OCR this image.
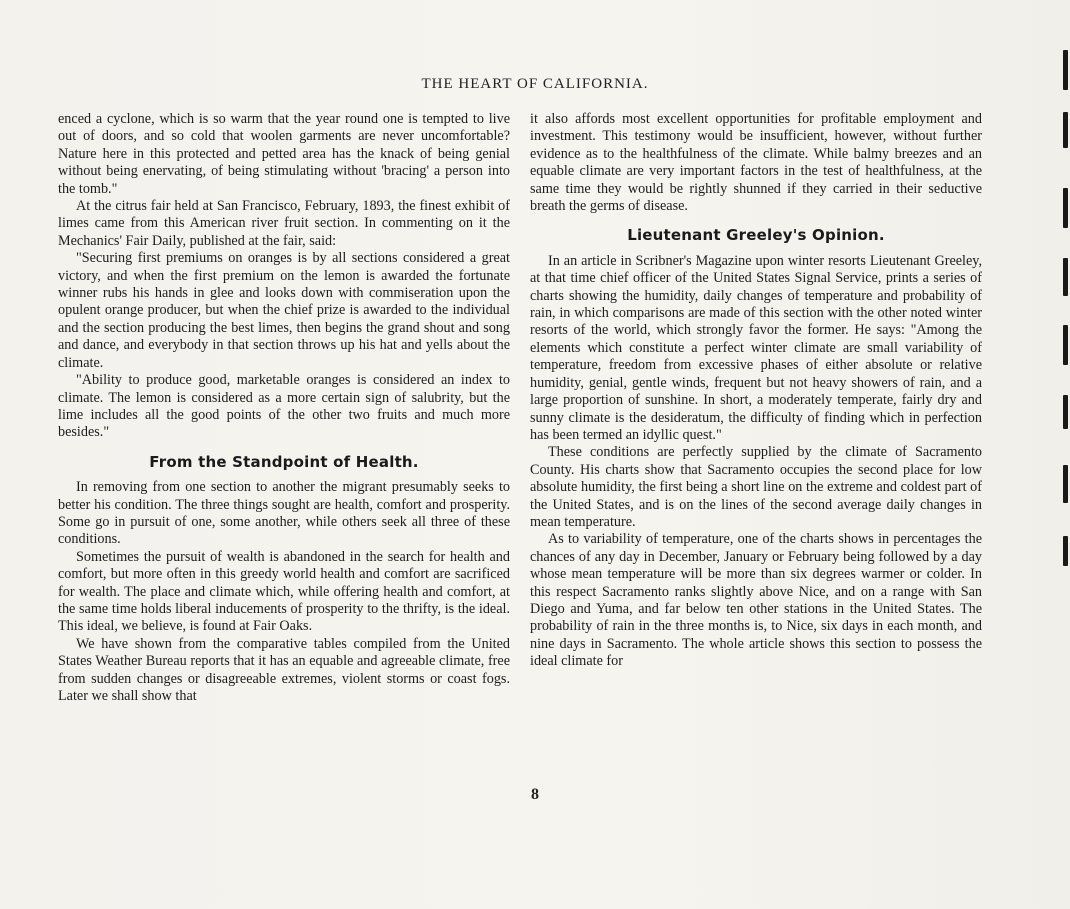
THE HEART OF CALIFORNIA.

enced a cyclone, which is so warm that the year round one is tempted to live out of doors, and so cold that woolen garments are never uncomfortable? Nature here in this protected and petted area has the knack of being genial without being enervating, of being stimulating without 'bracing' a person into the tomb."

At the citrus fair held at San Francisco, February, 1893, the finest exhibit of limes came from this American river fruit section. In commenting on it the Mechanics' Fair Daily, published at the fair, said:

"Securing first premiums on oranges is by all sections considered a great victory, and when the first premium on the lemon is awarded the fortunate winner rubs his hands in glee and looks down with commiseration upon the opulent orange producer, but when the chief prize is awarded to the individual and the section producing the best limes, then begins the grand shout and song and dance, and everybody in that section throws up his hat and yells about the climate.

"Ability to produce good, marketable oranges is considered an index to climate. The lemon is considered as a more certain sign of salubrity, but the lime includes all the good points of the other two fruits and much more besides."

From the Standpoint of Health.

In removing from one section to another the migrant presumably seeks to better his condition. The three things sought are health, comfort and prosperity. Some go in pursuit of one, some another, while others seek all three of these conditions.

Sometimes the pursuit of wealth is abandoned in the search for health and comfort, but more often in this greedy world health and comfort are sacrificed for wealth. The place and climate which, while offering health and comfort, at the same time holds liberal inducements of prosperity to the thrifty, is the ideal. This ideal, we believe, is found at Fair Oaks.

We have shown from the comparative tables compiled from the United States Weather Bureau reports that it has an equable and agreeable climate, free from sudden changes or disagreeable extremes, violent storms or coast fogs. Later we shall show that

it also affords most excellent opportunities for profitable employment and investment. This testimony would be insufficient, however, without further evidence as to the healthfulness of the climate. While balmy breezes and an equable climate are very important factors in the test of healthfulness, at the same time they would be rightly shunned if they carried in their seductive breath the germs of disease.

Lieutenant Greeley's Opinion.

In an article in Scribner's Magazine upon winter resorts Lieutenant Greeley, at that time chief officer of the United States Signal Service, prints a series of charts showing the humidity, daily changes of temperature and probability of rain, in which comparisons are made of this section with the other noted winter resorts of the world, which strongly favor the former. He says: "Among the elements which constitute a perfect winter climate are small variability of temperature, freedom from excessive phases of either absolute or relative humidity, genial, gentle winds, frequent but not heavy showers of rain, and a large proportion of sunshine. In short, a moderately temperate, fairly dry and sunny climate is the desideratum, the difficulty of finding which in perfection has been termed an idyllic quest."

These conditions are perfectly supplied by the climate of Sacramento County. His charts show that Sacramento occupies the second place for low absolute humidity, the first being a short line on the extreme and coldest part of the United States, and is on the lines of the second average daily changes in mean temperature.

As to variability of temperature, one of the charts shows in percentages the chances of any day in December, January or February being followed by a day whose mean temperature will be more than six degrees warmer or colder. In this respect Sacramento ranks slightly above Nice, and on a range with San Diego and Yuma, and far below ten other stations in the United States. The probability of rain in the three months is, to Nice, six days in each month, and nine days in Sacramento. The whole article shows this section to possess the ideal climate for

8
